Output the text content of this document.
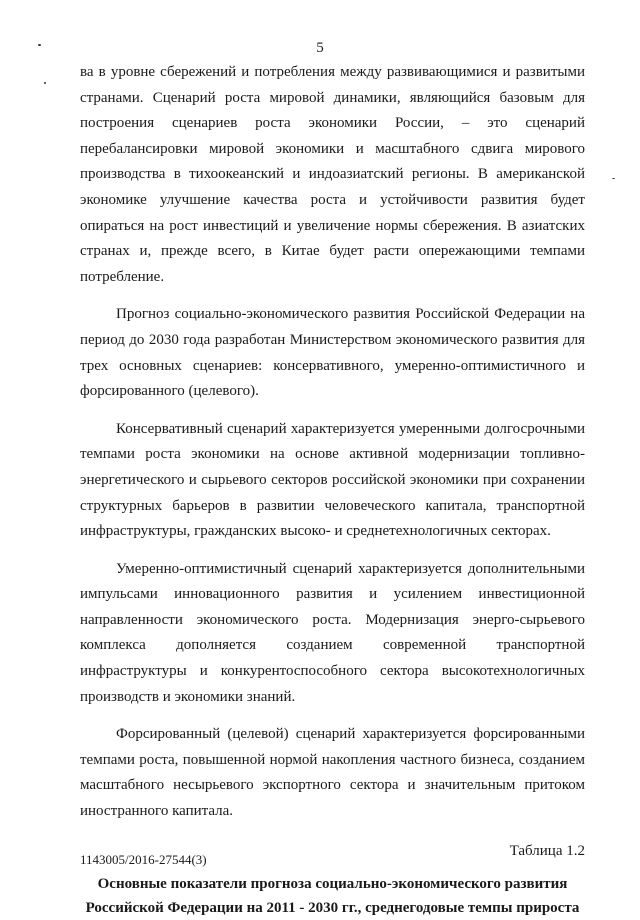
5

ва в уровне сбережений и потребления между развивающимися и развитыми странами. Сценарий роста мировой динамики, являющийся базовым для построения сценариев роста экономики России, – это сценарий перебалансировки мировой экономики и масштабного сдвига мирового производства в тихоокеанский и индоазиатский регионы. В американской экономике улучшение качества роста и устойчивости развития будет опираться на рост инвестиций и увеличение нормы сбережения. В азиатских странах и, прежде всего, в Китае будет расти опережающими темпами потребление.

Прогноз социально-экономического развития Российской Федерации на период до 2030 года разработан Министерством экономического развития для трех основных сценариев: консервативного, умеренно-оптимистичного и форсированного (целевого).

Консервативный сценарий характеризуется умеренными долгосрочными темпами роста экономики на основе активной модернизации топливно-энергетического и сырьевого секторов российской экономики при сохранении структурных барьеров в развитии человеческого капитала, транспортной инфраструктуры, гражданских высоко- и среднетехнологичных секторах.

Умеренно-оптимистичный сценарий характеризуется дополнительными импульсами инновационного развития и усилением инвестиционной направленности экономического роста. Модернизация энерго-сырьевого комплекса дополняется созданием современной транспортной инфраструктуры и конкурентоспособного сектора высокотехнологичных производств и экономики знаний.

Форсированный (целевой) сценарий характеризуется форсированными темпами роста, повышенной нормой накопления частного бизнеса, созданием масштабного несырьевого экспортного сектора и значительным притоком иностранного капитала.

Таблица 1.2
Основные показатели прогноза социально-экономического развития Российской Федерации на 2011 - 2030 гг., среднегодовые темпы прироста
1143005/2016-27544(3)
